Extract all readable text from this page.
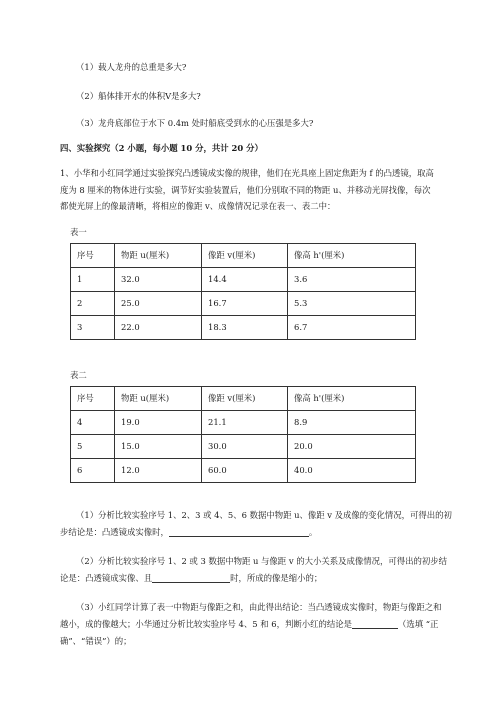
（1）载人龙舟的总重是多大?
（2）船体排开水的体积V是多大?
（3）龙舟底部位于水下 0.4m 处时船底受到水的心压强是多大?
四、实验探究（2 小题，每小题 10 分，共计 20 分）
1、小华和小红同学通过实验探究凸透镜成实像的规律，他们在光具座上固定焦距为 f 的凸透镜，取高
度为 8 厘米的物体进行实验，调节好实验装置后，他们分别取不同的物距 u、并移动光屏找像，每次
都使光屏上的像最清晰，将相应的像距 v、成像情况记录在表一、表二中：
表一
序号	物距 u(厘米)	像距 v(厘米)	像高 h'(厘米)
1	32.0	14.4	3.6
2	25.0	16.7	5.3
3	22.0	18.3	6.7
表二
序号	物距 u(厘米)	像距 v(厘米)	像高 h'(厘米)
4	19.0	21.1	8.9
5	15.0	30.0	20.0
6	12.0	60.0	40.0
（1）分析比较实验序号 1、2、3 或 4、5、6 数据中物距 u、像距 v 及成像的变化情况，可得出的初
步结论是：凸透镜成实像时，	。
（2）分析比较实验序号 1、2 或 3 数据中物距 u 与像距 v 的大小关系及成像情况，可得出的初步结
论是：凸透镜成实像、且	时，所成的像是缩小的；
（3）小红同学计算了表一中物距与像距之和，由此得出结论：当凸透镜成实像时，物距与像距之和
越小，成的像越大；小华通过分析比较实验序号 4、5 和 6，判断小红的结论是	（选填 “正
确”、“错误”）的；
